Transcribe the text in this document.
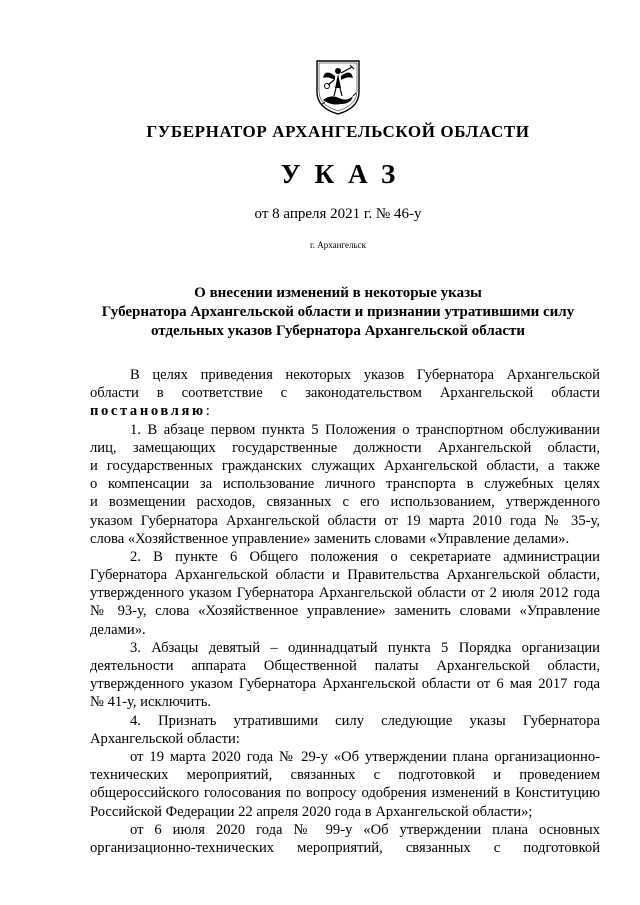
ГУБЕРНАТОР АРХАНГЕЛЬСКОЙ ОБЛАСТИ
УКАЗ
от 8 апреля 2021 г. № 46-у
г. Архангельск
О внесении изменений в некоторые указы
Губернатора Архангельской области и признании утратившими силу
отдельных указов Губернатора Архангельской области
В целях приведения некоторых указов Губернатора Архангельской
области в соответствие с законодательством Архангельской области
постановляю:
1. В абзаце первом пункта 5 Положения о транспортном обслуживании
лиц, замещающих государственные должности Архангельской области,
и государственных гражданских служащих Архангельской области, а также
о компенсации за использование личного транспорта в служебных целях
и возмещении расходов, связанных с его использованием, утвержденного
указом Губернатора Архангельской области от 19 марта 2010 года № 35-у,
слова «Хозяйственное управление» заменить словами «Управление делами».
2. В пункте 6 Общего положения о секретариате администрации
Губернатора Архангельской области и Правительства Архангельской области,
утвержденного указом Губернатора Архангельской области от 2 июля 2012 года
№ 93-у, слова «Хозяйственное управление» заменить словами «Управление
делами».
3. Абзацы девятый – одиннадцатый пункта 5 Порядка организации
деятельности аппарата Общественной палаты Архангельской области,
утвержденного указом Губернатора Архангельской области от 6 мая 2017 года
№ 41-у, исключить.
4. Признать утратившими силу следующие указы Губернатора
Архангельской области:
от 19 марта 2020 года № 29-у «Об утверждении плана организационно-
технических мероприятий, связанных с подготовкой и проведением
общероссийского голосования по вопросу одобрения изменений в Конституцию
Российской Федерации 22 апреля 2020 года в Архангельской области»;
от 6 июля 2020 года № 99-у «Об утверждении плана основных
организационно-технических мероприятий, связанных с подготовкой
